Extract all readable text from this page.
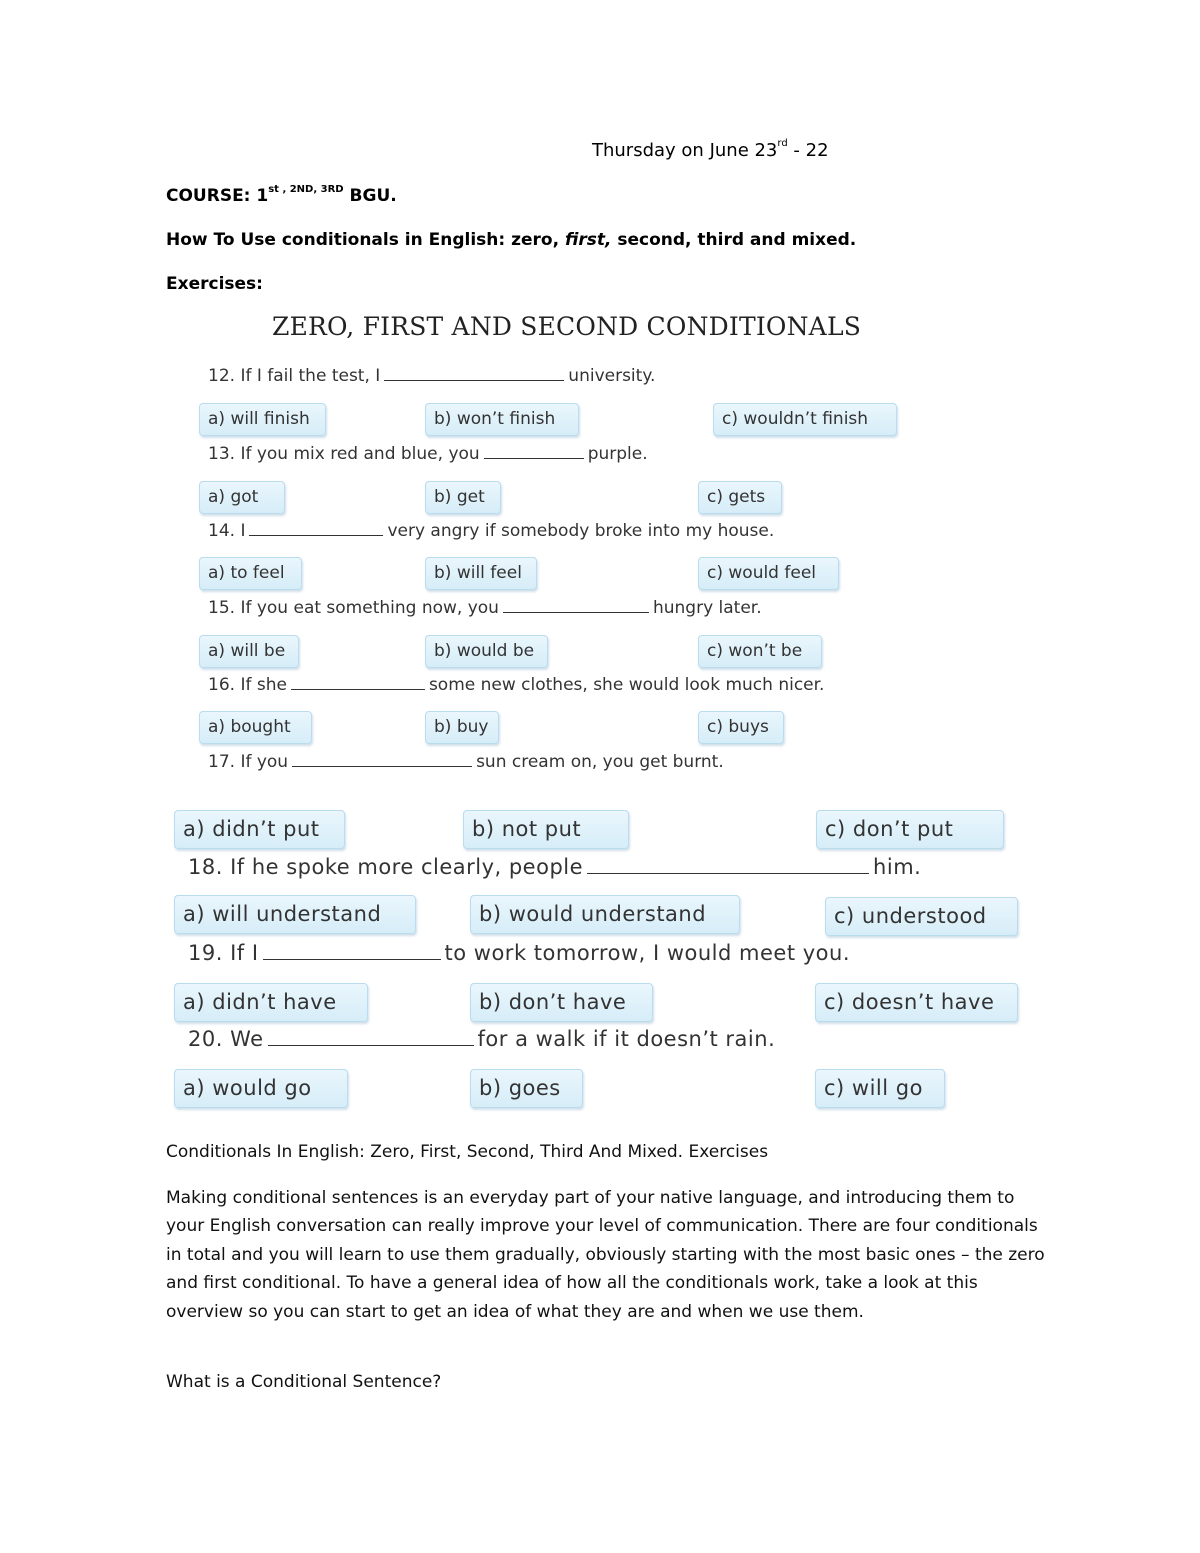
Thursday on June 23rd - 22
COURSE: $1^{st , 2ND, 3RD}$ BGU.
How To Use conditionals in English: zero, first, second, third and mixed.
Exercises:
ZERO, FIRST AND SECOND CONDITIONALS
12. If I fail the test, I	university.
a) will finish	b) won’t finish	c) wouldn’t finish
13. If you mix red and blue, you	purple.
a) got	b) get	c) gets
14. I	very angry if somebody broke into my house.
a) to feel	b) will feel	c) would feel
15. If you eat something now, you	hungry later.
a) will be	b) would be	c) won’t be
16. If she	some new clothes, she would look much nicer.
a) bought	b) buy	c) buys
17. If you	sun cream on, you get burnt.
a) didn’t put	b) not put	c) don’t put
18. If he spoke more clearly, people	him.
a) will understand	b) would understand	c) understood
19. If I	to work tomorrow, I would meet you.
a) didn’t have	b) don’t have	c) doesn’t have
20. We	for a walk if it doesn’t rain.
a) would go	b) goes	c) will go
Conditionals In English: Zero, First, Second, Third And Mixed. Exercises

Making conditional sentences is an everyday part of your native language, and introducing them to your English conversation can really improve your level of communication. There are four conditionals in total and you will learn to use them gradually, obviously starting with the most basic ones – the zero and first conditional. To have a general idea of how all the conditionals work, take a look at this overview so you can start to get an idea of what they are and when we use them.

What is a Conditional Sentence?
